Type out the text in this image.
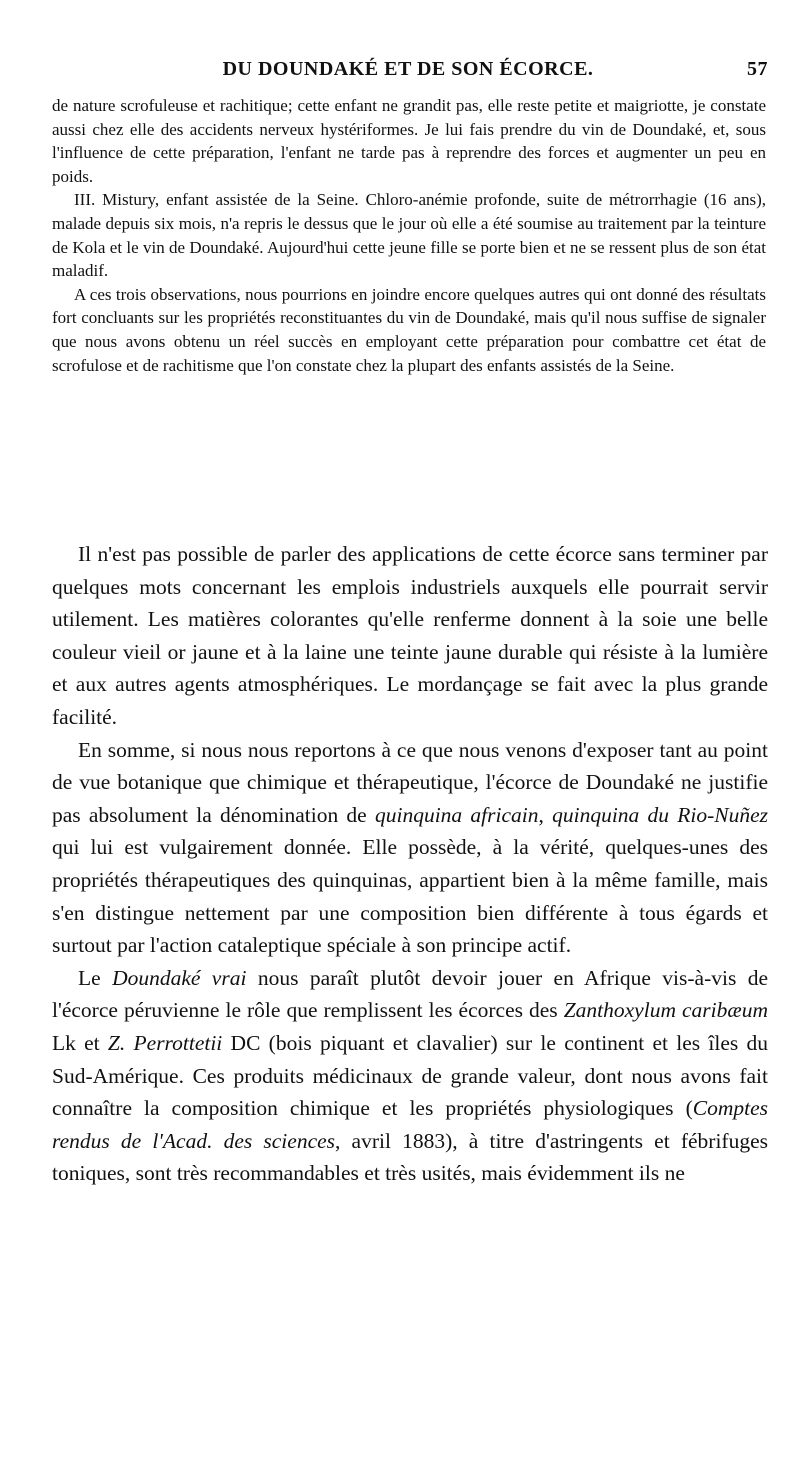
DU DOUNDAKÉ ET DE SON ÉCORCE.	57

de nature scrofuleuse et rachitique; cette enfant ne grandit pas, elle reste petite et maigriotte, je constate aussi chez elle des accidents nerveux hystériformes. Je lui fais prendre du vin de Doundaké, et, sous l'influence de cette préparation, l'enfant ne tarde pas à reprendre des forces et augmenter un peu en poids.

III. Mistury, enfant assistée de la Seine. Chloro-anémie profonde, suite de métrorrhagie (16 ans), malade depuis six mois, n'a repris le dessus que le jour où elle a été soumise au traitement par la teinture de Kola et le vin de Doundaké. Aujourd'hui cette jeune fille se porte bien et ne se ressent plus de son état maladif.

A ces trois observations, nous pourrions en joindre encore quelques autres qui ont donné des résultats fort concluants sur les propriétés reconstituantes du vin de Doundaké, mais qu'il nous suffise de signaler que nous avons obtenu un réel succès en employant cette préparation pour combattre cet état de scrofulose et de rachitisme que l'on constate chez la plupart des enfants assistés de la Seine.

Il n'est pas possible de parler des applications de cette écorce sans terminer par quelques mots concernant les emplois industriels auxquels elle pourrait servir utilement. Les matières colorantes qu'elle renferme donnent à la soie une belle couleur vieil or jaune et à la laine une teinte jaune durable qui résiste à la lumière et aux autres agents atmosphériques. Le mordançage se fait avec la plus grande facilité.

En somme, si nous nous reportons à ce que nous venons d'exposer tant au point de vue botanique que chimique et thérapeutique, l'écorce de Doundaké ne justifie pas absolument la dénomination de quinquina africain, quinquina du Rio-Nuñez qui lui est vulgairement donnée. Elle possède, à la vérité, quelques-unes des propriétés thérapeutiques des quinquinas, appartient bien à la même famille, mais s'en distingue nettement par une composition bien différente à tous égards et surtout par l'action cataleptique spéciale à son principe actif.

Le Doundaké vrai nous paraît plutôt devoir jouer en Afrique vis-à-vis de l'écorce péruvienne le rôle que remplissent les écorces des Zanthoxylum caribæum Lk et Z. Perrottetii DC (bois piquant et clavalier) sur le continent et les îles du Sud-Amérique. Ces produits médicinaux de grande valeur, dont nous avons fait connaître la composition chimique et les propriétés physiologiques (Comptes rendus de l'Acad. des sciences, avril 1883), à titre d'astringents et fébrifuges toniques, sont très recommandables et très usités, mais évidemment ils ne
